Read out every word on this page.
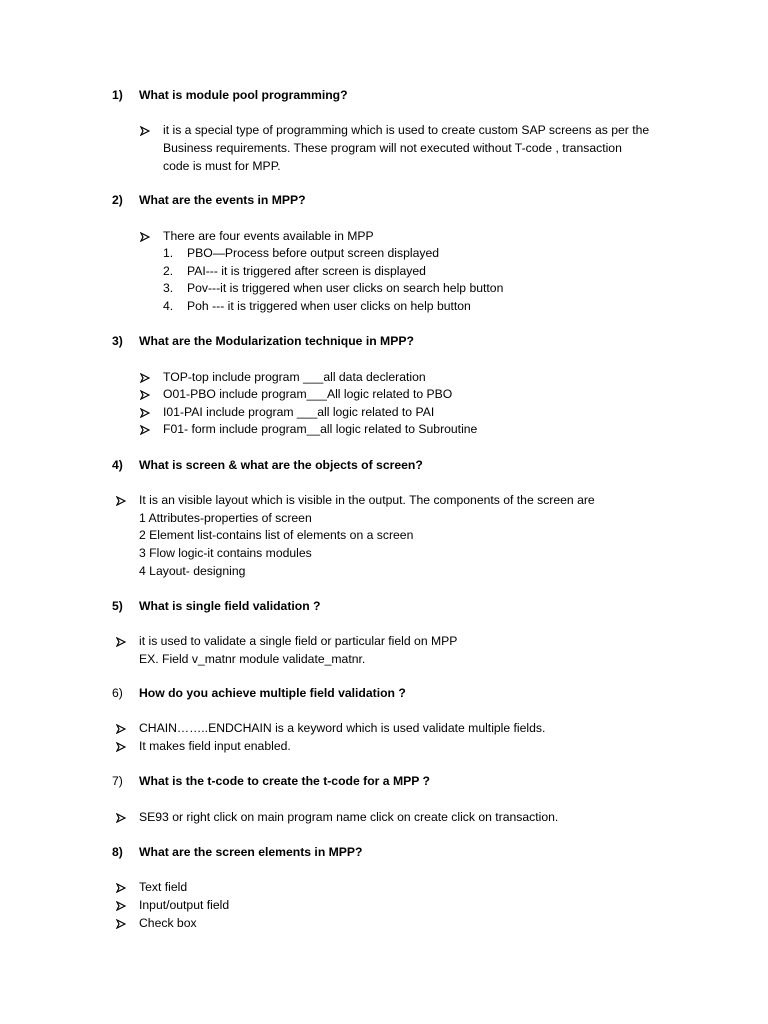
1) What is module pool programming?
it is a special type of programming which is used to create custom SAP screens as per the
Business requirements. These program will not executed without T-code , transaction
code is must for MPP.
2) What are the events in MPP?
There are four events available in MPP
1. PBO—Process before output screen displayed
2. PAI--- it is triggered after screen is displayed
3. Pov---it is triggered when user clicks on search help button
4. Poh --- it is triggered when user clicks on help button
3) What are the Modularization technique in MPP?
TOP-top include program ___all data decleration
O01-PBO include program___All logic related to PBO
I01-PAI include program ___all logic related to PAI
F01- form include program__all logic related to Subroutine
4) What is screen & what are the objects of screen?
It is an visible layout which is visible in the output. The components of the screen are
1 Attributes-properties of screen
2 Element list-contains list of elements on a screen
3 Flow logic-it contains modules
4 Layout- designing
5) What is single field validation ?
it is used to validate a single field or particular field on MPP
EX. Field v_matnr module validate_matnr.
6) How do you achieve multiple field validation ?
CHAIN……..ENDCHAIN is a keyword which is used validate multiple fields.
It makes field input enabled.
7) What is the t-code to create the t-code for a MPP ?
SE93 or right click on main program name click on create click on transaction.
8) What are the screen elements in MPP?
Text field
Input/output field
Check box
